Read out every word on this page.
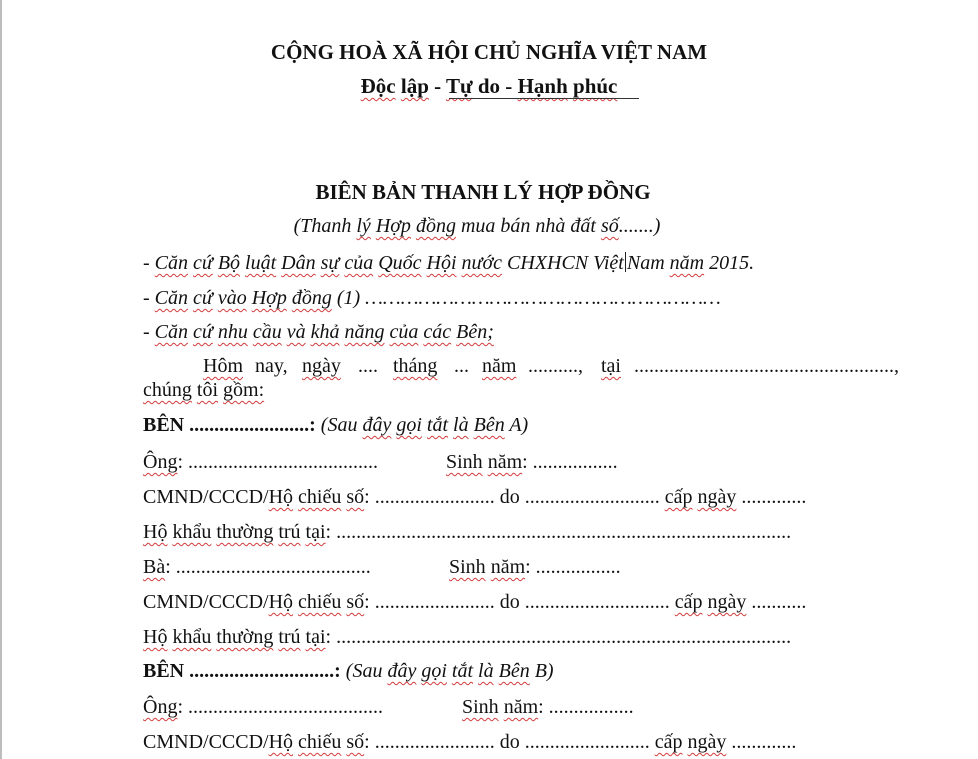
CỘNG HOÀ XÃ HỘI CHỦ NGHĨA VIỆT NAM
Độc lập - Tự do - Hạnh phúc
BIÊN BẢN THANH LÝ HỢP ĐỒNG
(Thanh lý Hợp đồng mua bán nhà đất số.......)
- Căn cứ Bộ luật Dân sự của Quốc Hội nước CHXHCN Việt Nam năm 2015.
- Căn cứ vào Hợp đồng (1) ……………………………………………………
- Căn cứ nhu cầu và khả năng của các Bên;
Hôm nay, ngày .... tháng ... năm .........., tại ....................................................,
chúng tôi gồm:
BÊN ........................: (Sau đây gọi tắt là Bên A)
Ông: ......................................	Sinh năm: .................
CMND/CCCD/Hộ chiếu số: ........................ do ........................... cấp ngày .............
Hộ khẩu thường trú tại: ...........................................................................................
Bà: .......................................	Sinh năm: .................
CMND/CCCD/Hộ chiếu số: ........................ do ............................. cấp ngày ...........
Hộ khẩu thường trú tại: ...........................................................................................
BÊN .............................: (Sau đây gọi tắt là Bên B)
Ông: .......................................	Sinh năm: .................
CMND/CCCD/Hộ chiếu số: ........................ do ......................... cấp ngày .............
